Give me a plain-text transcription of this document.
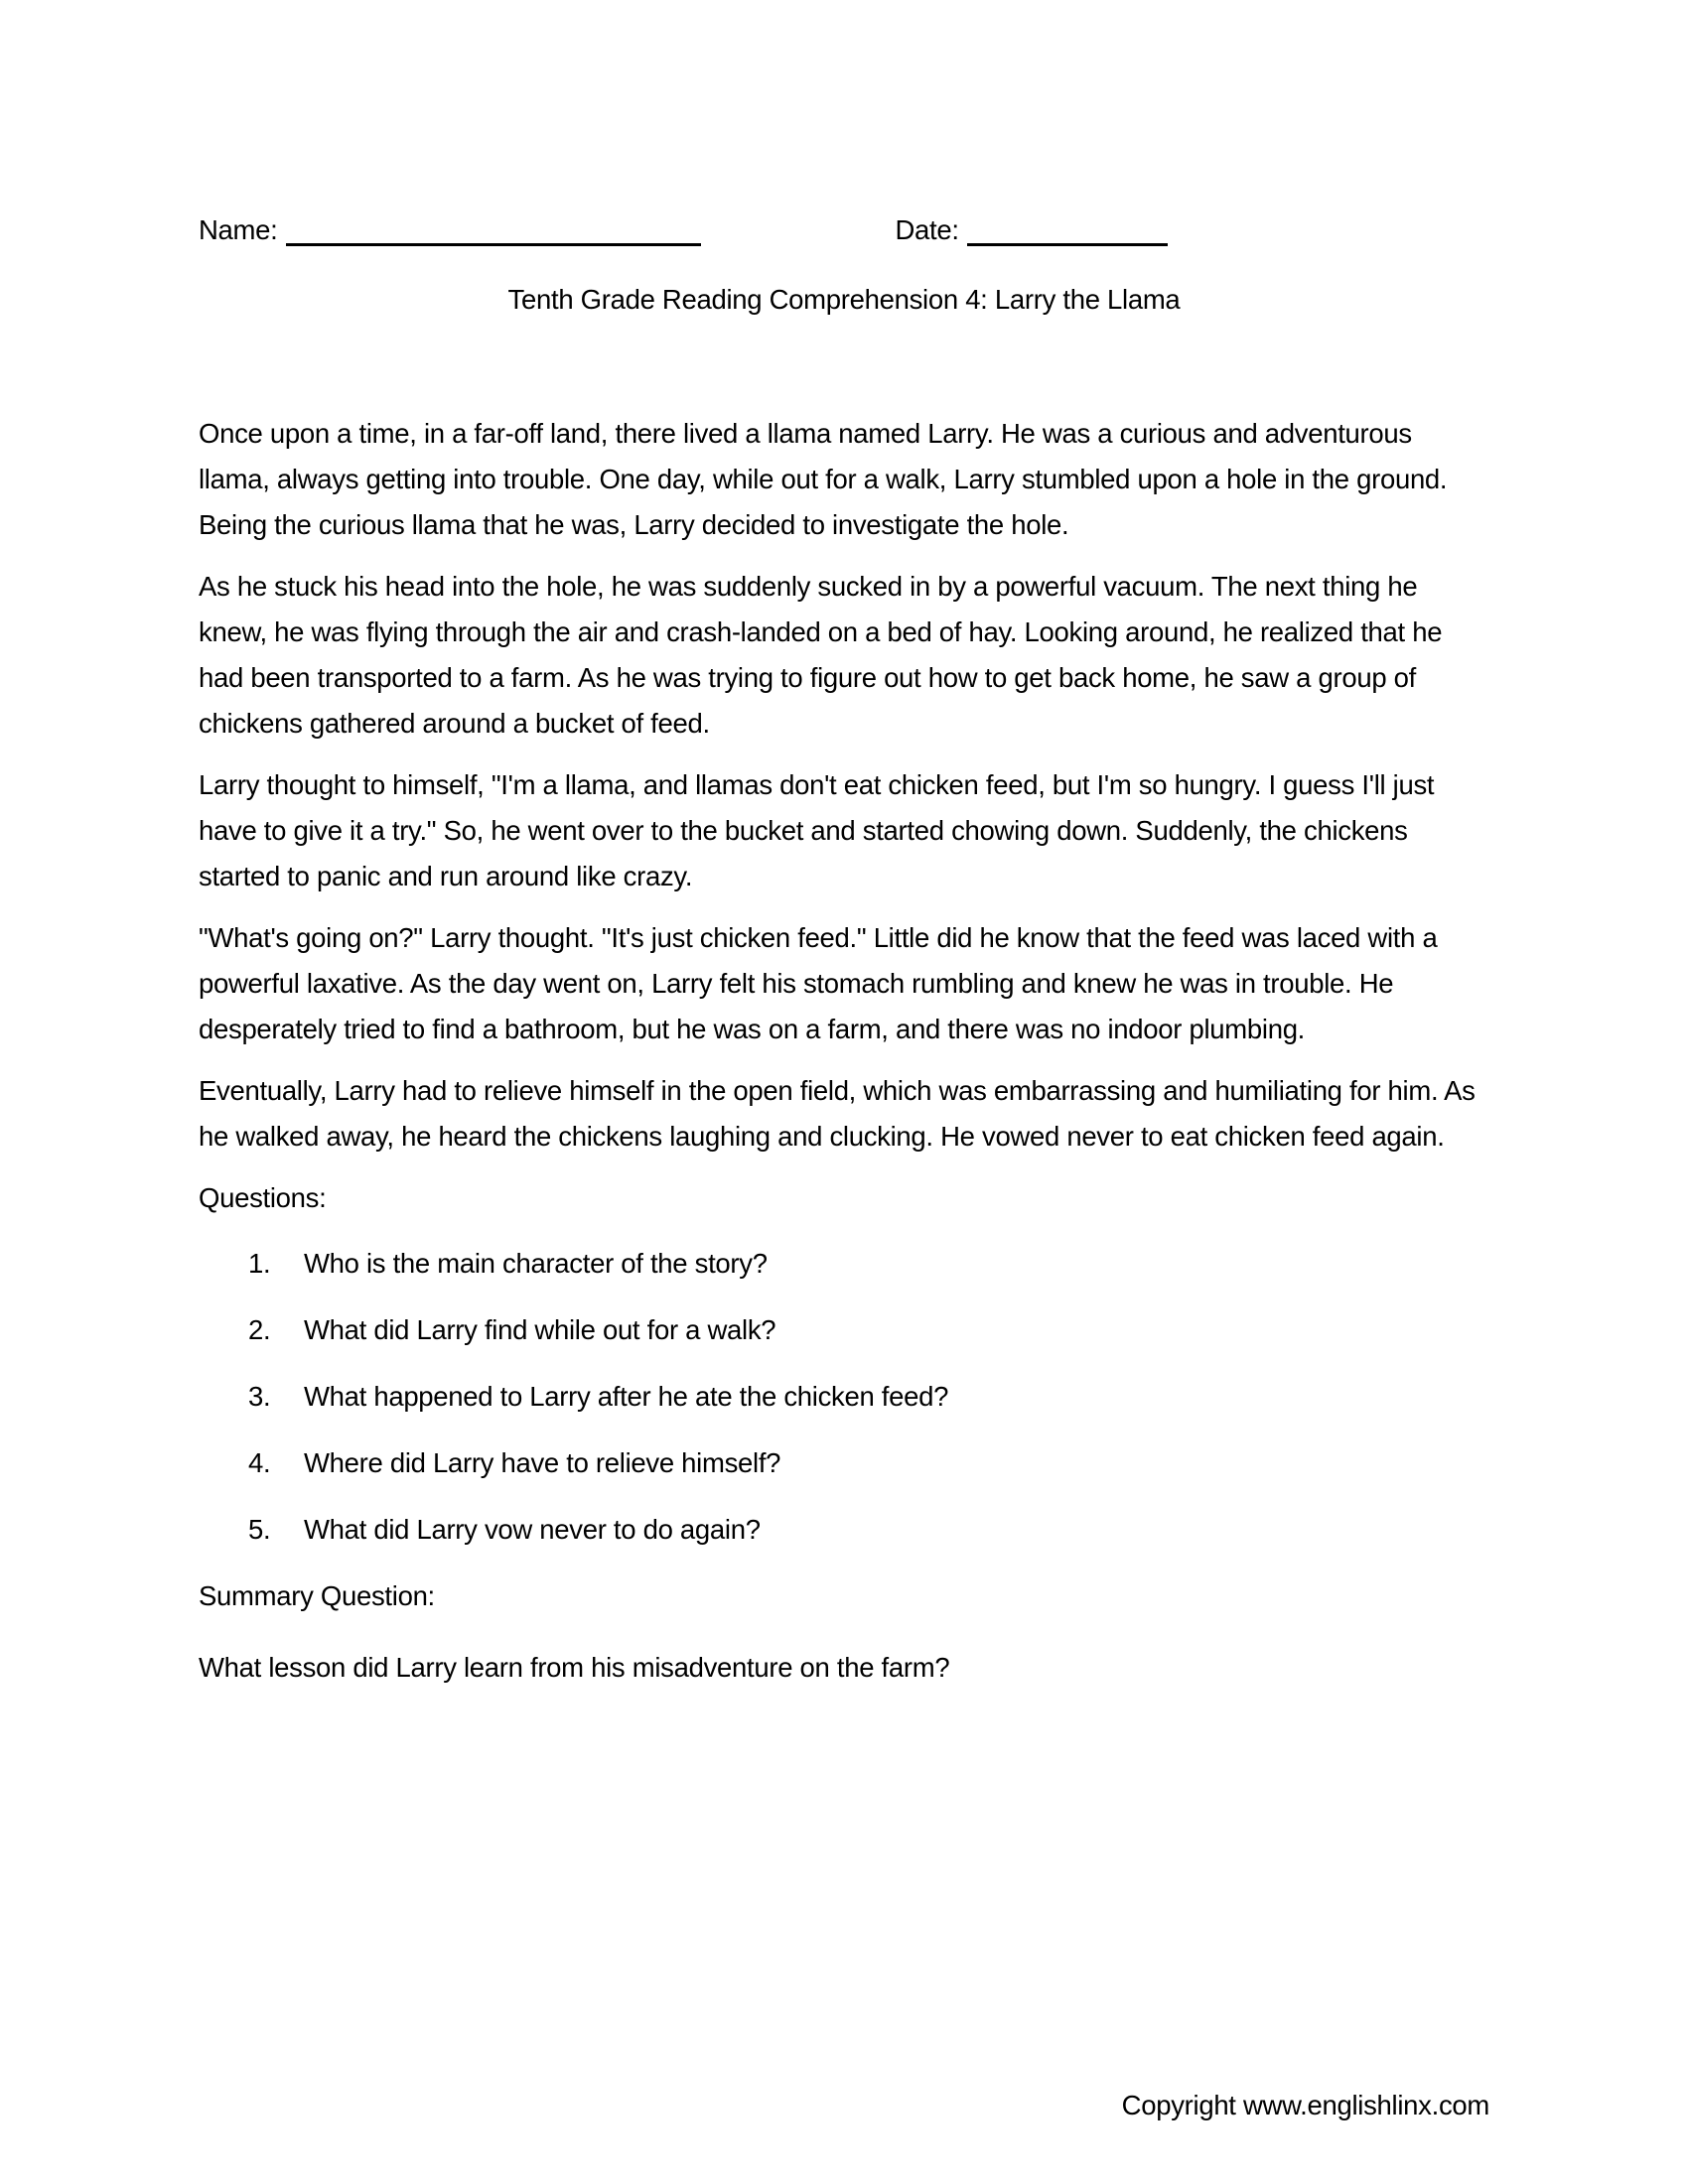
Name:	Date:
Tenth Grade Reading Comprehension 4: Larry the Llama

Once upon a time, in a far-off land, there lived a llama named Larry. He was a curious and adventurous llama, always getting into trouble. One day, while out for a walk, Larry stumbled upon a hole in the ground. Being the curious llama that he was, Larry decided to investigate the hole.

As he stuck his head into the hole, he was suddenly sucked in by a powerful vacuum. The next thing he knew, he was flying through the air and crash-landed on a bed of hay. Looking around, he realized that he had been transported to a farm. As he was trying to figure out how to get back home, he saw a group of chickens gathered around a bucket of feed.

Larry thought to himself, "I'm a llama, and llamas don't eat chicken feed, but I'm so hungry. I guess I'll just have to give it a try." So, he went over to the bucket and started chowing down. Suddenly, the chickens started to panic and run around like crazy.

"What's going on?" Larry thought. "It's just chicken feed." Little did he know that the feed was laced with a powerful laxative. As the day went on, Larry felt his stomach rumbling and knew he was in trouble. He desperately tried to find a bathroom, but he was on a farm, and there was no indoor plumbing.

Eventually, Larry had to relieve himself in the open field, which was embarrassing and humiliating for him. As he walked away, he heard the chickens laughing and clucking. He vowed never to eat chicken feed again.

Questions:
1.	Who is the main character of the story?
2.	What did Larry find while out for a walk?
3.	What happened to Larry after he ate the chicken feed?
4.	Where did Larry have to relieve himself?
5.	What did Larry vow never to do again?
Summary Question:
What lesson did Larry learn from his misadventure on the farm?
Copyright www.englishlinx.com
